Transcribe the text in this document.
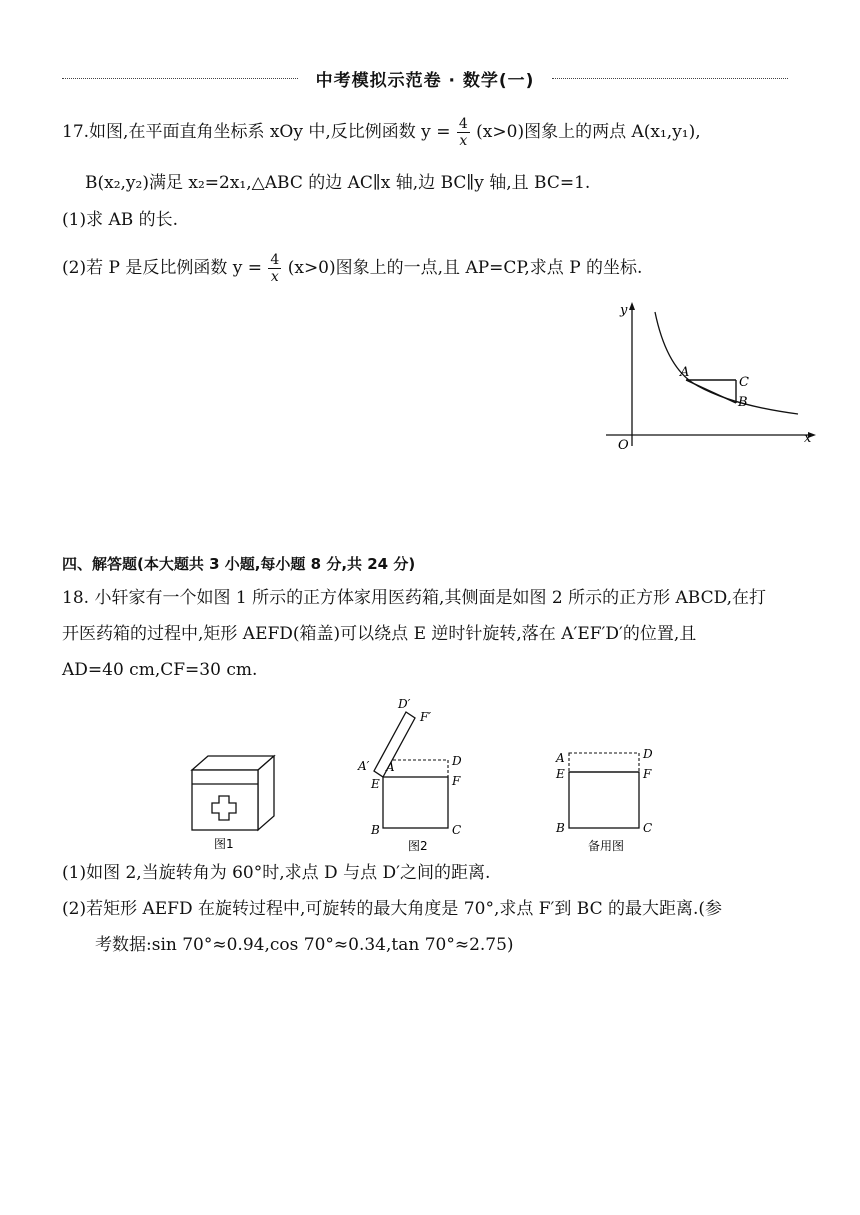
中考模拟示范卷 · 数学(一)
17.如图,在平面直角坐标系 xOy 中,反比例函数 $y = \frac{4}{x} (x>0)$图象上的两点 A(x₁,y₁),
B(x₂,y₂)满足 x₂=2x₁,△ABC 的边 AC∥x 轴,边 BC∥y 轴,且 BC=1.
(1)求 AB 的长.
(2)若 P 是反比例函数 $y = \frac{4}{x} (x>0)$图象上的一点,且 AP=CP,求点 P 的坐标.
y
x
O
A
C
B
四、解答题(本大题共 3 小题,每小题 8 分,共 24 分)
18. 小轩家有一个如图 1 所示的正方体家用医药箱,其侧面是如图 2 所示的正方形 ABCD,在打
开医药箱的过程中,矩形 AEFD(箱盖)可以绕点 E 逆时针旋转,落在 A′EF′D′的位置,且
AD=40 cm,CF=30 cm.
图1
D′
F′
A′ A	D
E	F
B	C
图2
A	D
E	F
B	C
备用图
(1)如图 2,当旋转角为 60°时,求点 D 与点 D′之间的距离.
(2)若矩形 AEFD 在旋转过程中,可旋转的最大角度是 70°,求点 F′到 BC 的最大距离.(参
考数据:sin 70°≈0.94,cos 70°≈0.34,tan 70°≈2.75)
